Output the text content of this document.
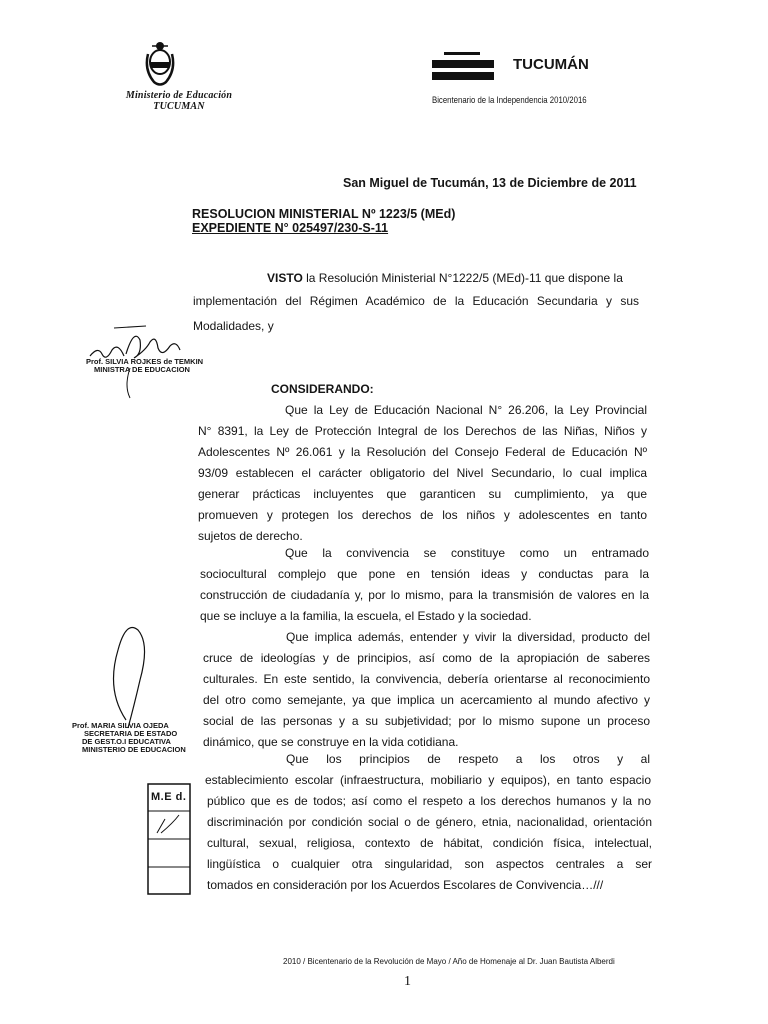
Ministerio de Educación
TUCUMAN
TUCUMÁN
Bicentenario de la Independencia 2010/2016
San Miguel de Tucumán, 13 de Diciembre de 2011
RESOLUCION MINISTERIAL Nº 1223/5 (MEd)
EXPEDIENTE N° 025497/230-S-11
VISTO la Resolución Ministerial N°1222/5 (MEd)-11 que dispone la
implementación del Régimen Académico de la Educación Secundaria y sus
Modalidades, y
CONSIDERANDO:
Que la Ley de Educación Nacional N° 26.206, la Ley Provincial
N° 8391, la Ley de Protección Integral de los Derechos de las Niñas, Niños y
Adolescentes Nº 26.061 y la Resolución del Consejo Federal de Educación Nº
93/09 establecen el carácter obligatorio del Nivel Secundario, lo cual implica
generar prácticas incluyentes que garanticen su cumplimiento, ya que
promueven y protegen los derechos de los niños y adolescentes en tanto
sujetos de derecho.
Que la convivencia se constituye como un entramado
sociocultural complejo que pone en tensión ideas y conductas para la
construcción de ciudadanía y, por lo mismo, para la transmisión de valores en la
que se incluye a la familia, la escuela, el Estado y la sociedad.
Que implica además, entender y vivir la diversidad, producto del
cruce de ideologías y de principios, así como de la apropiación de saberes
culturales. En este sentido, la convivencia, debería orientarse al reconocimiento
del otro como semejante, ya que implica un acercamiento al mundo afectivo y
social de las personas y a su subjetividad; por lo mismo supone un proceso
dinámico, que se construye en la vida cotidiana.
Que los principios de respeto a los otros y al
establecimiento escolar (infraestructura, mobiliario y equipos), en tanto espacio
público que es de todos; así como el respeto a los derechos humanos y la no
discriminación por condición social o de género, etnia, nacionalidad, orientación
cultural, sexual, religiosa, contexto de hábitat, condición física, intelectual,
lingüística o cualquier otra singularidad, son aspectos centrales a ser
tomados en consideración por los Acuerdos Escolares de Convivencia…///
Prof. SILVIA ROJKES de TEMKIN
MINISTRA DE EDUCACION
Prof. MARIA SILVIA OJEDA
SECRETARIA DE ESTADO
DE GEST.O.I EDUCATIVA
MINISTERIO DE EDUCACION
M.E d.
2010 / Bicentenario de la Revolución de Mayo / Año de Homenaje al Dr. Juan Bautista Alberdi
1
